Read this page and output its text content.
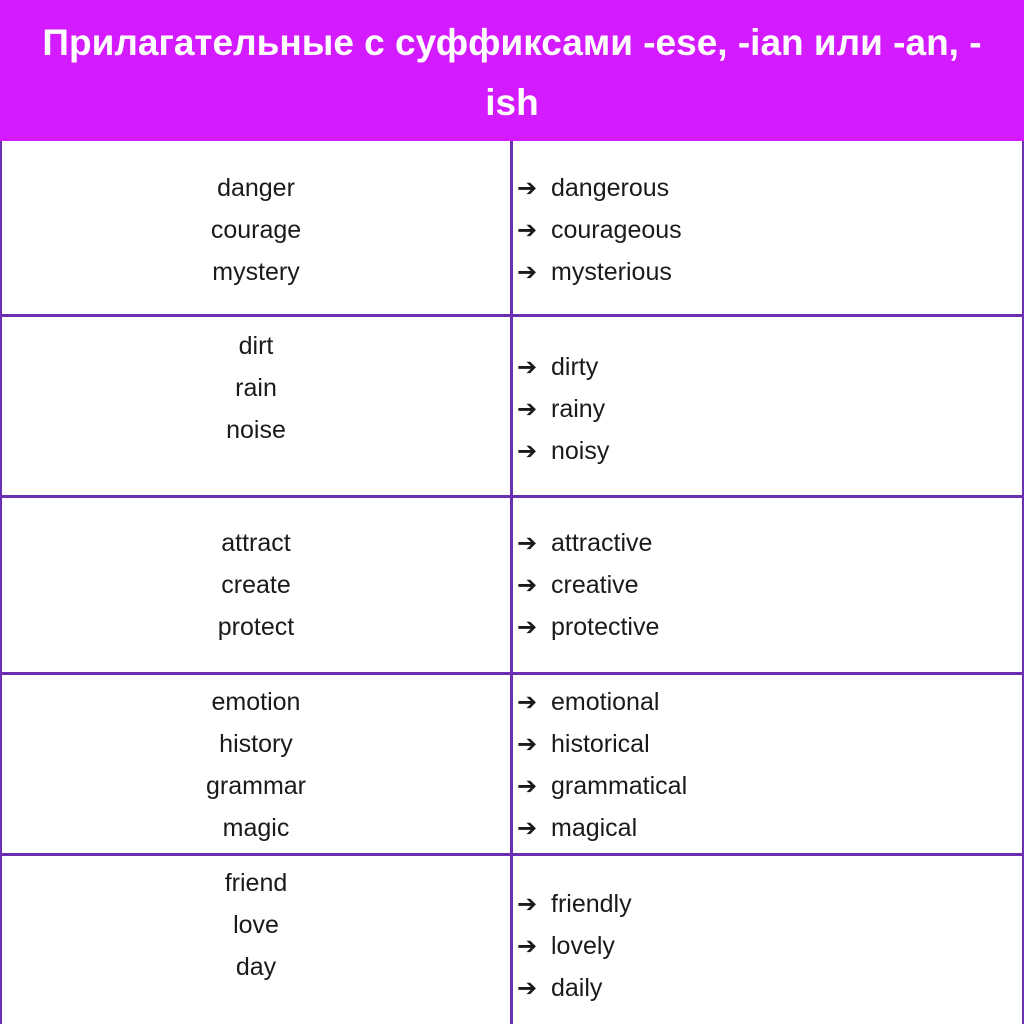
Прилагательные с суффиксами -ese, -ian или -an, -
ish
danger
courage
mystery
➔ dangerous
➔ courageous
➔ mysterious
dirt
rain
noise
➔ dirty
➔ rainy
➔ noisy
attract
create
protect
➔ attractive
➔ creative
➔ protective
emotion
history
grammar
magic
➔ emotional
➔ historical
➔ grammatical
➔ magical
friend
love
day
➔ friendly
➔ lovely
➔ daily
